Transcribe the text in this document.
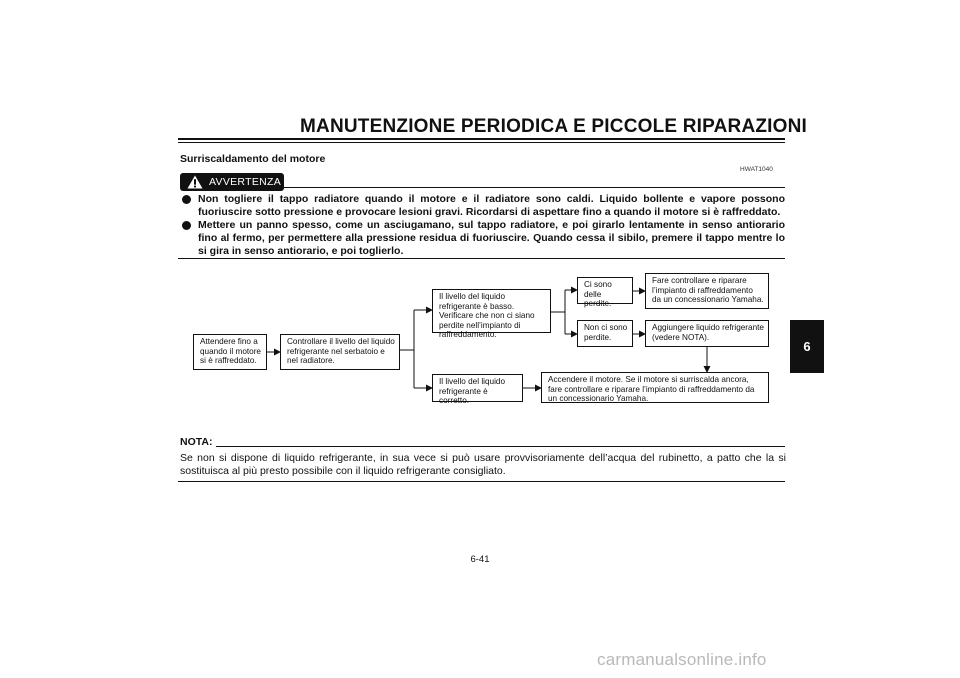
MANUTENZIONE PERIODICA E PICCOLE RIPARAZIONI
Surriscaldamento del motore
HWAT1040
AVVERTENZA
Non togliere il tappo radiatore quando il motore e il radiatore sono caldi. Liquido bollente e vapore possono fuoriuscire sotto pressione e provocare lesioni gravi. Ricordarsi di aspettare fino a quando il motore si è raffreddato.
Mettere un panno spesso, come un asciugamano, sul tappo radiatore, e poi girarlo lentamente in senso antiorario fino al fermo, per permettere alla pressione residua di fuoriuscire. Quando cessa il sibilo, premere il tappo mentre lo si gira in senso antiorario, e poi toglierlo.
Attendere fino a quando il motore si è raffreddato.
Controllare il livello del liquido refrigerante nel serbatoio e nel radiatore.
Il livello del liquido refrigerante è basso. Verificare che non ci siano perdite nell’impianto di raffreddamento.
Il livello del liquido refrigerante è corretto.
Ci sono delle perdite.
Non ci sono perdite.
Fare controllare e riparare l’impianto di raffreddamento da un concessionario Yamaha.
Aggiungere liquido refrigerante (vedere NOTA).
Accendere il motore. Se il motore si surriscalda ancora, fare controllare e riparare l’impianto di raffreddamento da un concessionario Yamaha.
NOTA:
Se non si dispone di liquido refrigerante, in sua vece si può usare provvisoriamente dell’acqua del rubinetto, a patto che la si sostituisca al più presto possibile con il liquido refrigerante consigliato.
6-41
6
carmanualsonline.info
